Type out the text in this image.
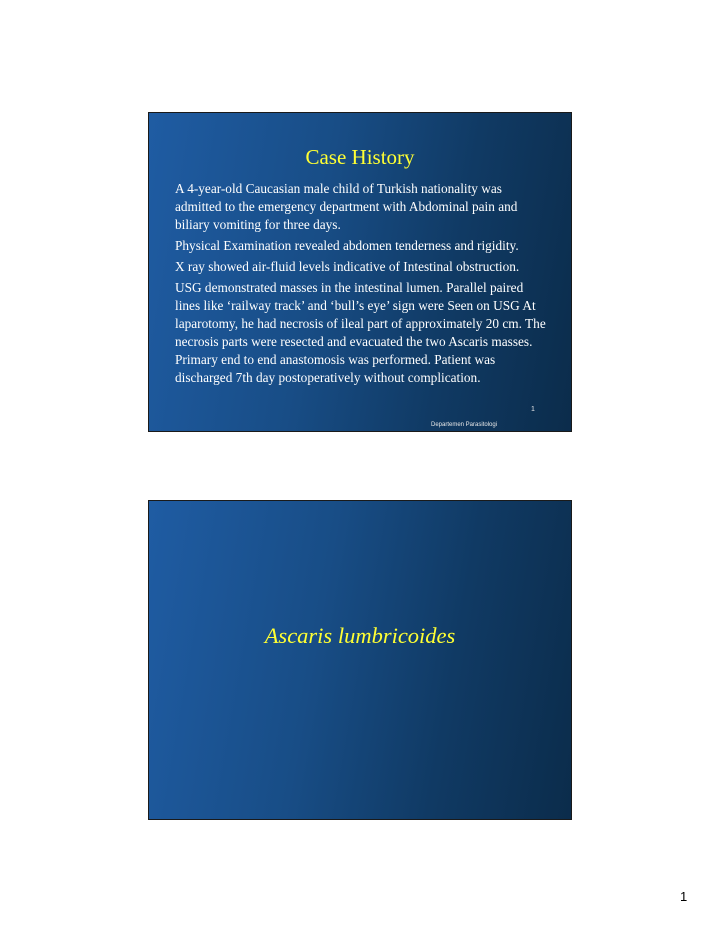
Case History

A 4-year-old Caucasian male child of Turkish nationality was admitted to the emergency department with Abdominal pain and biliary vomiting for three days.

Physical Examination revealed abdomen tenderness and rigidity.

X ray showed air-fluid levels indicative of Intestinal obstruction.

USG demonstrated masses in the intestinal lumen. Parallel paired lines like ‘railway track’ and ‘bull’s eye’ sign were Seen on USG At laparotomy, he had necrosis of ileal part of approximately 20 cm. The necrosis parts were resected and evacuated the two Ascaris masses. Primary end to end anastomosis was performed. Patient was discharged 7th day postoperatively without complication.

1
Departemen Parasitologi
Ascaris lumbricoides
1
